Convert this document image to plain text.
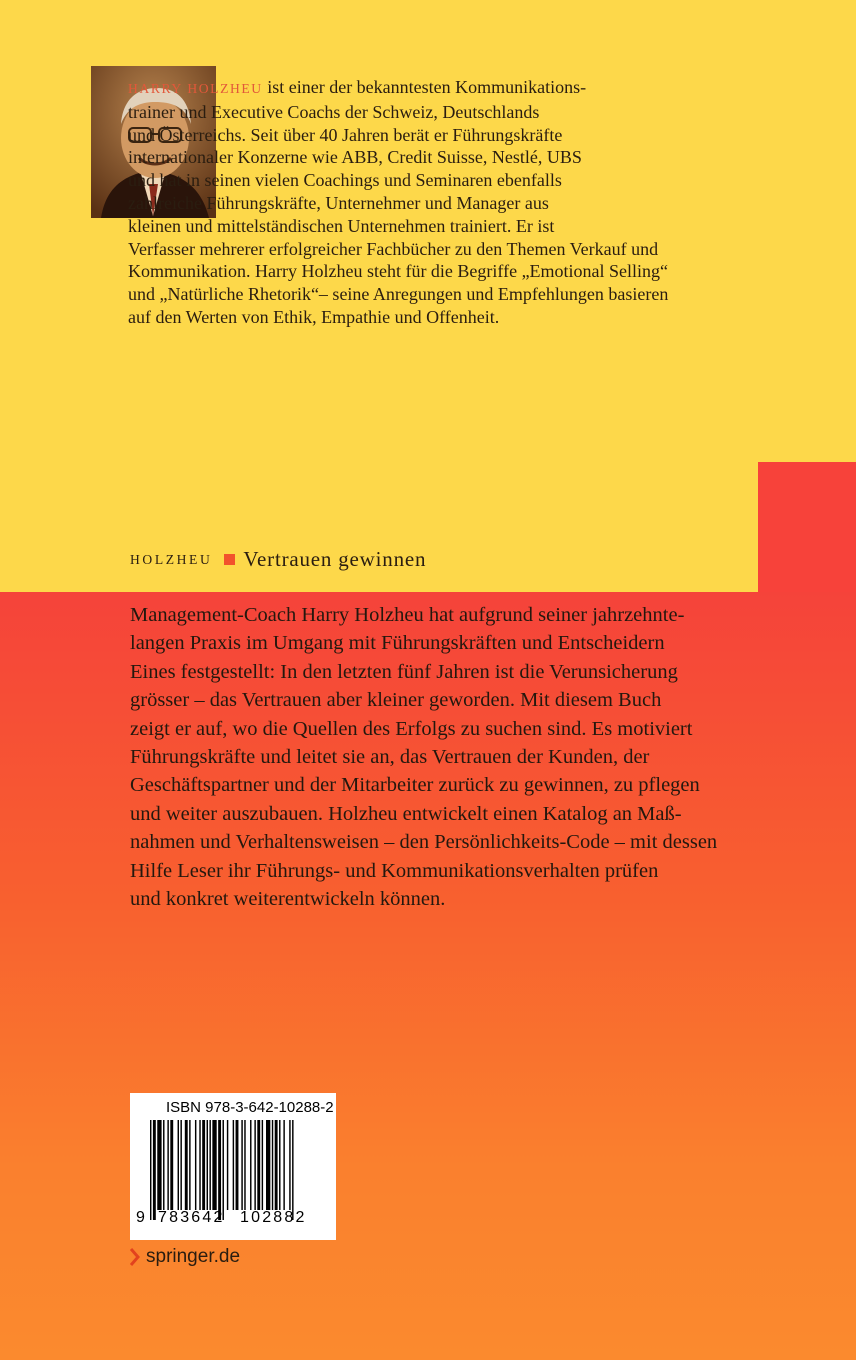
HARRY HOLZHEU ist einer der bekanntesten Kommunikations-
trainer und Executive Coachs der Schweiz, Deutschlands
und Österreichs. Seit über 40 Jahren berät er Führungskräfte
internationaler Konzerne wie ABB, Credit Suisse, Nestlé, UBS
und hat in seinen vielen Coachings und Seminaren ebenfalls
zahlreiche Führungskräfte, Unternehmer und Manager aus
kleinen und mittelständischen Unternehmen trainiert. Er ist
Verfasser mehrerer erfolgreicher Fachbücher zu den Themen Verkauf und
Kommunikation. Harry Holzheu steht für die Begriffe „Emotional Selling“
und „Natürliche Rhetorik“– seine Anregungen und Empfehlungen basieren
auf den Werten von Ethik, Empathie und Offenheit.
HOLZHEU Vertrauen gewinnen
Management-Coach Harry Holzheu hat aufgrund seiner jahrzehnte-
langen Praxis im Umgang mit Führungskräften und Entscheidern
Eines festgestellt: In den letzten fünf Jahren ist die Verunsicherung
grösser – das Vertrauen aber kleiner geworden. Mit diesem Buch
zeigt er auf, wo die Quellen des Erfolgs zu suchen sind. Es motiviert
Führungskräfte und leitet sie an, das Vertrauen der Kunden, der
Geschäftspartner und der Mitarbeiter zurück zu gewinnen, zu pflegen
und weiter auszubauen. Holzheu entwickelt einen Katalog an Maß-
nahmen und Verhaltensweisen – den Persönlichkeits-Code – mit dessen
Hilfe Leser ihr Führungs- und Kommunikationsverhalten prüfen
und konkret weiterentwickeln können.
ISBN 978-3-642-10288-2
9 783642 102882
springer.de
